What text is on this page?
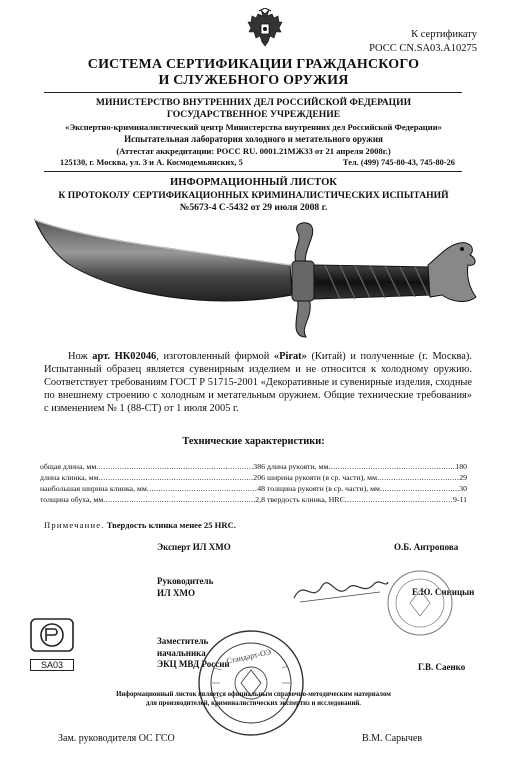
К сертификату
РОСС CN.SA03.A10275
СИСТЕМА СЕРТИФИКАЦИИ ГРАЖДАНСКОГО
И СЛУЖЕБНОГО ОРУЖИЯ
МИНИСТЕРСТВО ВНУТРЕННИХ ДЕЛ РОССИЙСКОЙ ФЕДЕРАЦИИ
ГОСУДАРСТВЕННОЕ УЧРЕЖДЕНИЕ
«Экспертно-криминалистический центр Министерства внутренних дел Российской Федерации»
Испытательная лаборатория холодного и метательного оружия
(Аттестат аккредитации: РОСС RU. 0001.21МЖ33 от 21 апреля 2008г.)
125130, г. Москва, ул. З и А. Космодемьянских, 5	Тел. (499) 745-80-43, 745-80-26
ИНФОРМАЦИОННЫЙ ЛИСТОК
К ПРОТОКОЛУ СЕРТИФИКАЦИОННЫХ КРИМИНАЛИСТИЧЕСКИХ ИСПЫТАНИЙ
№5673-4 С-5432 от 29 июля 2008 г.
Нож арт. НК02046, изготовленный фирмой «Pirat» (Китай) и полученные (г. Москва). Испытанный образец является сувенирным изделием и не относится к холодному оружию. Соответствует требованиям ГОСТ Р 51715-2001 «Декоративные и сувенирные изделия, сходные по внешнему строению с холодным и метательным оружием. Общие технические требования» с изменением № 1 (88-СТ) от 1 июля 2005 г.
Технические характеристики:
общая длина, мм .....	386
длина клинка, мм .....	206
наибольшая ширина клинка, мм .....	48
толщина обуха, мм .....	2,8
длина рукояти, мм .....	180
ширина рукояти (в ср. части), мм .....	29
толщина рукояти (в ср. части), мм .....	30
твердость клинка, HRC .....	9-11
Примечание. Твердость клинка менее 25 HRC.
Эксперт ИЛ ХМО	О.Б. Антропова
Руководитель
ИЛ ХМО	Е.Ю. Синицын
Заместитель
начальника
ЭКЦ МВД России	Г.В. Саенко
SA03	Стандарт-ОЭ
Информационный листок является официальным справочно-методическим материалом
для производителей, криминалистических экспертиз и исследований.
Зам. руководителя ОС ГСО	В.М. Сарычев
